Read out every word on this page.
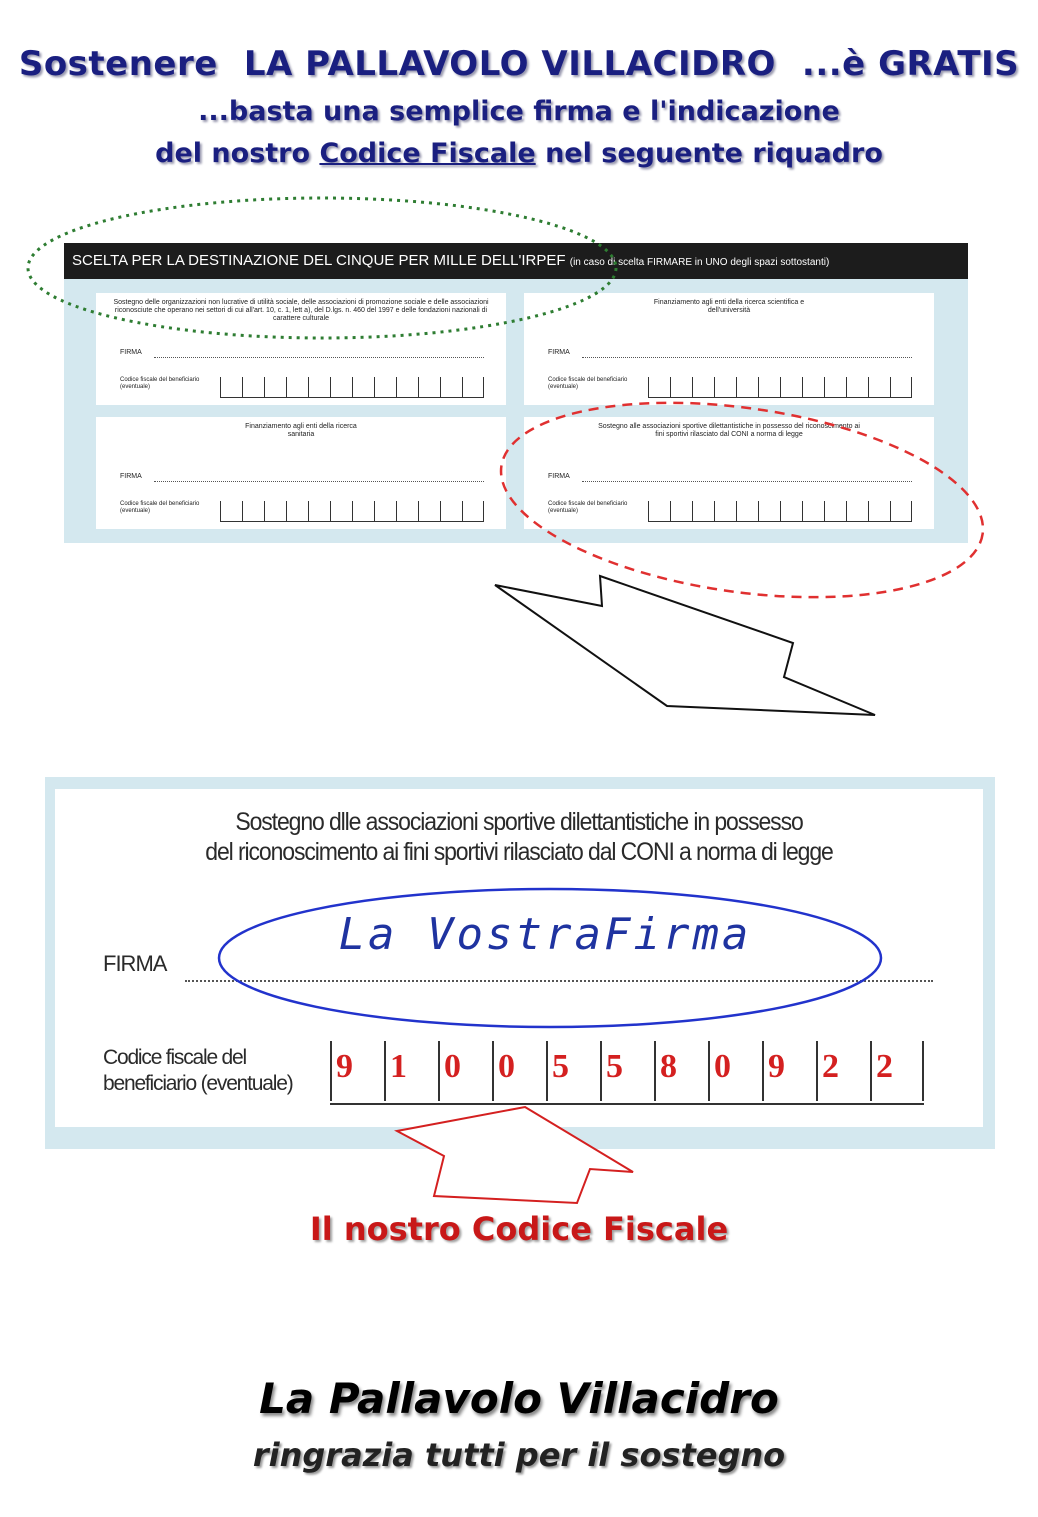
Sostenere LA PALLAVOLO VILLACIDRO ...è GRATIS
...basta una semplice firma e l'indicazione
del nostro Codice Fiscale nel seguente riquadro
SCELTA PER LA DESTINAZIONE DEL CINQUE PER MILLE DELL'IRPEF (in caso di scelta FIRMARE in UNO degli spazi sottostanti)
Sostegno delle organizzazioni non lucrative di utilità sociale, delle associazioni di promozione sociale e delle associazioni riconosciute che operano nei settori di cui all'art. 10, c. 1, lett a), del D.lgs. n. 460 del 1997 e delle fondazioni nazionali di carattere culturale
FIRMA
Codice fiscale del beneficiario (eventuale)
Finanziamento agli enti della ricerca scientifica e dell'università
FIRMA
Codice fiscale del beneficiario (eventuale)
Finanziamento agli enti della ricerca sanitaria
FIRMA
Codice fiscale del beneficiario (eventuale)
Sostegno alle associazioni sportive dilettantistiche in possesso del riconoscimento ai fini sportivi rilasciato dal CONI a norma di legge
FIRMA
Codice fiscale del beneficiario (eventuale)
Sostegno dlle associazioni sportive dilettantistiche in possesso
del riconoscimento ai fini sportivi rilasciato dal CONI a norma di legge
FIRMA
La VostraFirma
Codice fiscale del
beneficiario (eventuale) 9	1	0	0	5	5	8	0	9	2	2
Il nostro Codice Fiscale
La Pallavolo Villacidro
ringrazia tutti per il sostegno
